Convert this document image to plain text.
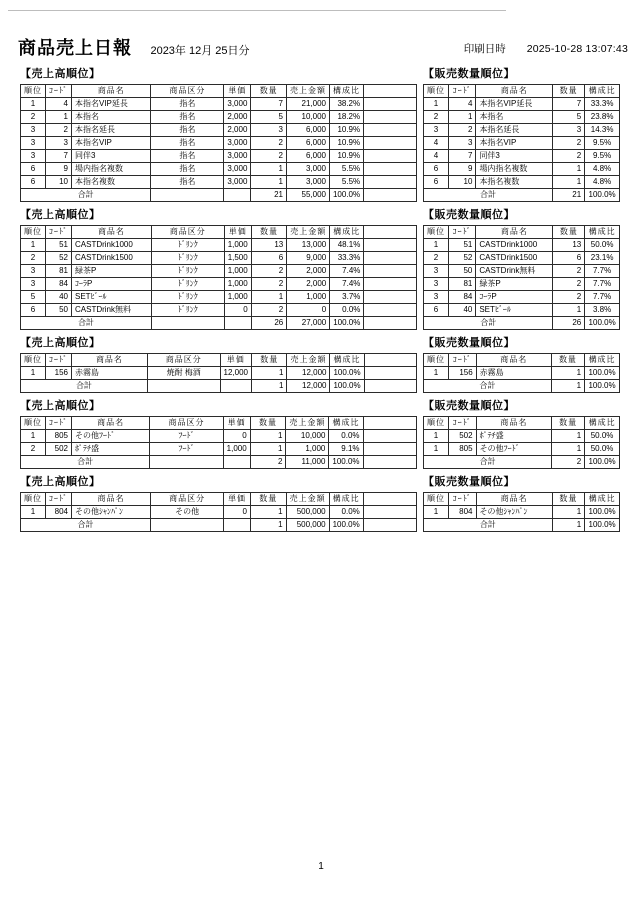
商品売上日報 2023年 12月 25日分	印刷日時 2025-10-28 13:07:43
【売上高順位】
順位	ｺｰﾄﾞ	商品名	商品区分	単価	数量	売上金額	構成比	
1	4	本指名VIP延長	指名	3,000	7	21,000	38.2%	
2	1	本指名	指名	2,000	5	10,000	18.2%	
3	2	本指名延長	指名	2,000	3	6,000	10.9%	
3	3	本指名VIP	指名	3,000	2	6,000	10.9%	
3	7	同伴3	指名	3,000	2	6,000	10.9%	
6	9	場内指名複数	指名	3,000	1	3,000	5.5%	
6	10	本指名複数	指名	3,000	1	3,000	5.5%	
合計					21	55,000	100.0%	
【販売数量順位】
順位	ｺｰﾄﾞ	商品名	数量	構成比
1	4	本指名VIP延長	7	33.3%
2	1	本指名	5	23.8%
3	2	本指名延長	3	14.3%
4	3	本指名VIP	2	9.5%
4	7	同伴3	2	9.5%
6	9	場内指名複数	1	4.8%
6	10	本指名複数	1	4.8%
合計			21	100.0%
【売上高順位】
順位	ｺｰﾄﾞ	商品名	商品区分	単価	数量	売上金額	構成比	
1	51	CASTDrink1000	ﾄﾞﾘﾝｸ	1,000	13	13,000	48.1%	
2	52	CASTDrink1500	ﾄﾞﾘﾝｸ	1,500	6	9,000	33.3%	
3	81	緑茶P	ﾄﾞﾘﾝｸ	1,000	2	2,000	7.4%	
3	84	ｺｰﾗP	ﾄﾞﾘﾝｸ	1,000	2	2,000	7.4%	
5	40	SETﾋﾞｰﾙ	ﾄﾞﾘﾝｸ	1,000	1	1,000	3.7%	
6	50	CASTDrink無料	ﾄﾞﾘﾝｸ	0	2	0	0.0%	
合計					26	27,000	100.0%	
【販売数量順位】
順位	ｺｰﾄﾞ	商品名	数量	構成比
1	51	CASTDrink1000	13	50.0%
2	52	CASTDrink1500	6	23.1%
3	50	CASTDrink無料	2	7.7%
3	81	緑茶P	2	7.7%
3	84	ｺｰﾗP	2	7.7%
6	40	SETﾋﾞｰﾙ	1	3.8%
合計			26	100.0%
【売上高順位】
順位	ｺｰﾄﾞ	商品名	商品区分	単価	数量	売上金額	構成比	
1	156	赤霧島	焼酎 梅酒	12,000	1	12,000	100.0%	
合計					1	12,000	100.0%	
【販売数量順位】
順位	ｺｰﾄﾞ	商品名	数量	構成比
1	156	赤霧島	1	100.0%
合計			1	100.0%
【売上高順位】
順位	ｺｰﾄﾞ	商品名	商品区分	単価	数量	売上金額	構成比	
1	805	その他ﾌｰﾄﾞ	ﾌｰﾄﾞ	0	1	10,000	0.0%	
2	502	ﾎﾟﾃﾁ盛	ﾌｰﾄﾞ	1,000	1	1,000	9.1%	
合計					2	11,000	100.0%	
【販売数量順位】
順位	ｺｰﾄﾞ	商品名	数量	構成比
1	502	ﾎﾟﾃﾁ盛	1	50.0%
1	805	その他ﾌｰﾄﾞ	1	50.0%
合計			2	100.0%
【売上高順位】
順位	ｺｰﾄﾞ	商品名	商品区分	単価	数量	売上金額	構成比	
1	804	その他ｼｬﾝﾊﾟﾝ	その他	0	1	500,000	0.0%	
合計					1	500,000	100.0%	
【販売数量順位】
順位	ｺｰﾄﾞ	商品名	数量	構成比
1	804	その他ｼｬﾝﾊﾟﾝ	1	100.0%
合計			1	100.0%
1
